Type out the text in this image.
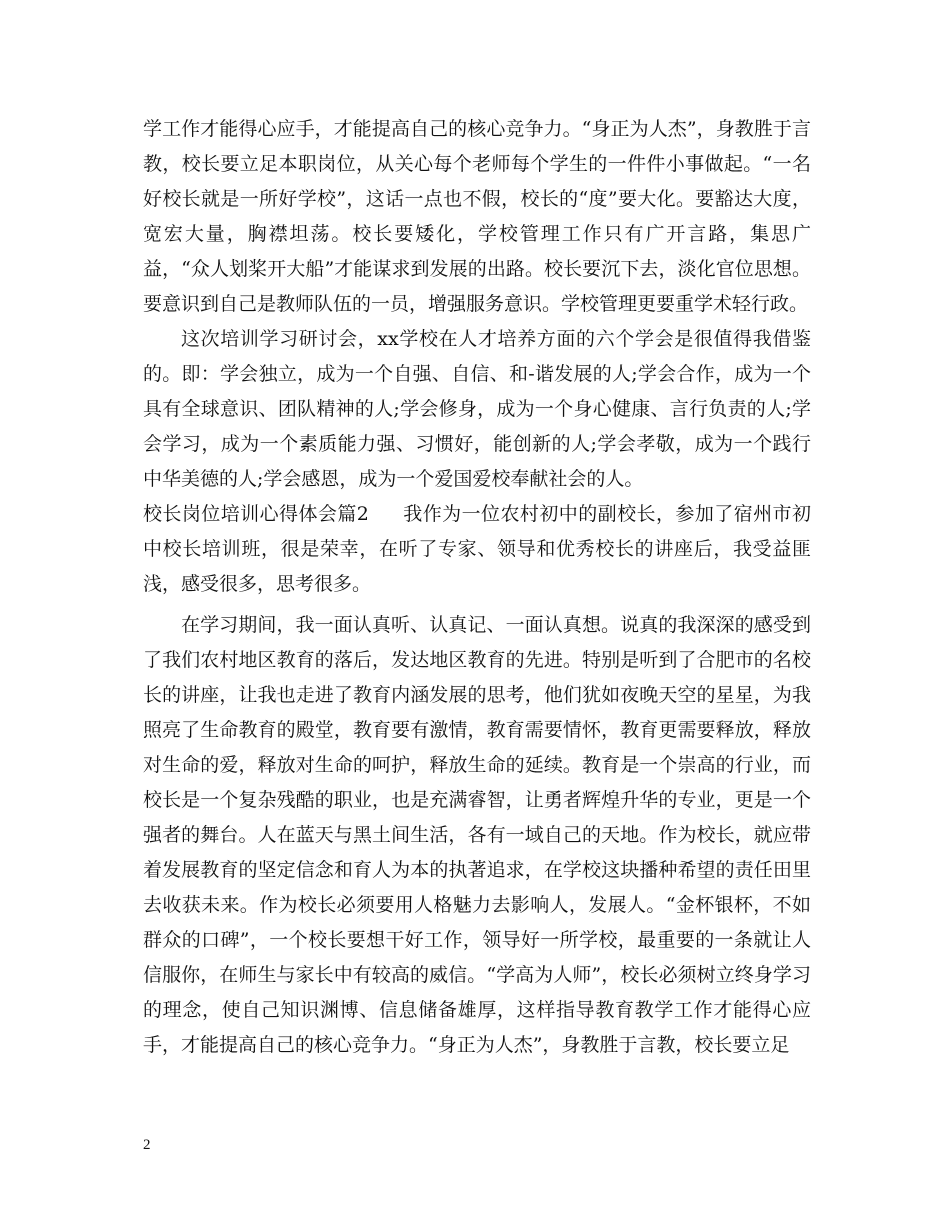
学工作才能得心应手，才能提高自己的核心竞争力。“身正为人杰”，身教胜于言教，校长要立足本职岗位，从关心每个老师每个学生的一件件小事做起。“一名好校长就是一所好学校”，这话一点也不假，校长的“度”要大化。要豁达大度，宽宏大量，胸襟坦荡。校长要矮化，学校管理工作只有广开言路，集思广益，“众人划桨开大船”才能谋求到发展的出路。校长要沉下去，淡化官位思想。要意识到自己是教师队伍的一员，增强服务意识。学校管理更要重学术轻行政。

这次培训学习研讨会，xx学校在人才培养方面的六个学会是很值得我借鉴的。即：学会独立，成为一个自强、自信、和-谐发展的人;学会合作，成为一个具有全球意识、团队精神的人;学会修身，成为一个身心健康、言行负责的人;学会学习，成为一个素质能力强、习惯好，能创新的人;学会孝敬，成为一个践行中华美德的人;学会感恩，成为一个爱国爱校奉献社会的人。

校长岗位培训心得体会篇2 我作为一位农村初中的副校长，参加了宿州市初中校长培训班，很是荣幸，在听了专家、领导和优秀校长的讲座后，我受益匪浅，感受很多，思考很多。

在学习期间，我一面认真听、认真记、一面认真想。说真的我深深的感受到了我们农村地区教育的落后，发达地区教育的先进。特别是听到了合肥市的名校长的讲座，让我也走进了教育内涵发展的思考，他们犹如夜晚天空的星星，为我照亮了生命教育的殿堂，教育要有激情，教育需要情怀，教育更需要释放，释放对生命的爱，释放对生命的呵护，释放生命的延续。教育是一个崇高的行业，而校长是一个复杂残酷的职业，也是充满睿智，让勇者辉煌升华的专业，更是一个强者的舞台。人在蓝天与黑土间生活，各有一域自己的天地。作为校长，就应带着发展教育的坚定信念和育人为本的执著追求，在学校这块播种希望的责任田里去收获未来。作为校长必须要用人格魅力去影响人，发展人。“金杯银杯，不如群众的口碑”，一个校长要想干好工作，领导好一所学校，最重要的一条就让人信服你，在师生与家长中有较高的威信。“学高为人师”，校长必须树立终身学习的理念，使自己知识渊博、信息储备雄厚，这样指导教育教学工作才能得心应手，才能提高自己的核心竞争力。“身正为人杰”，身教胜于言教，校长要立足

2
